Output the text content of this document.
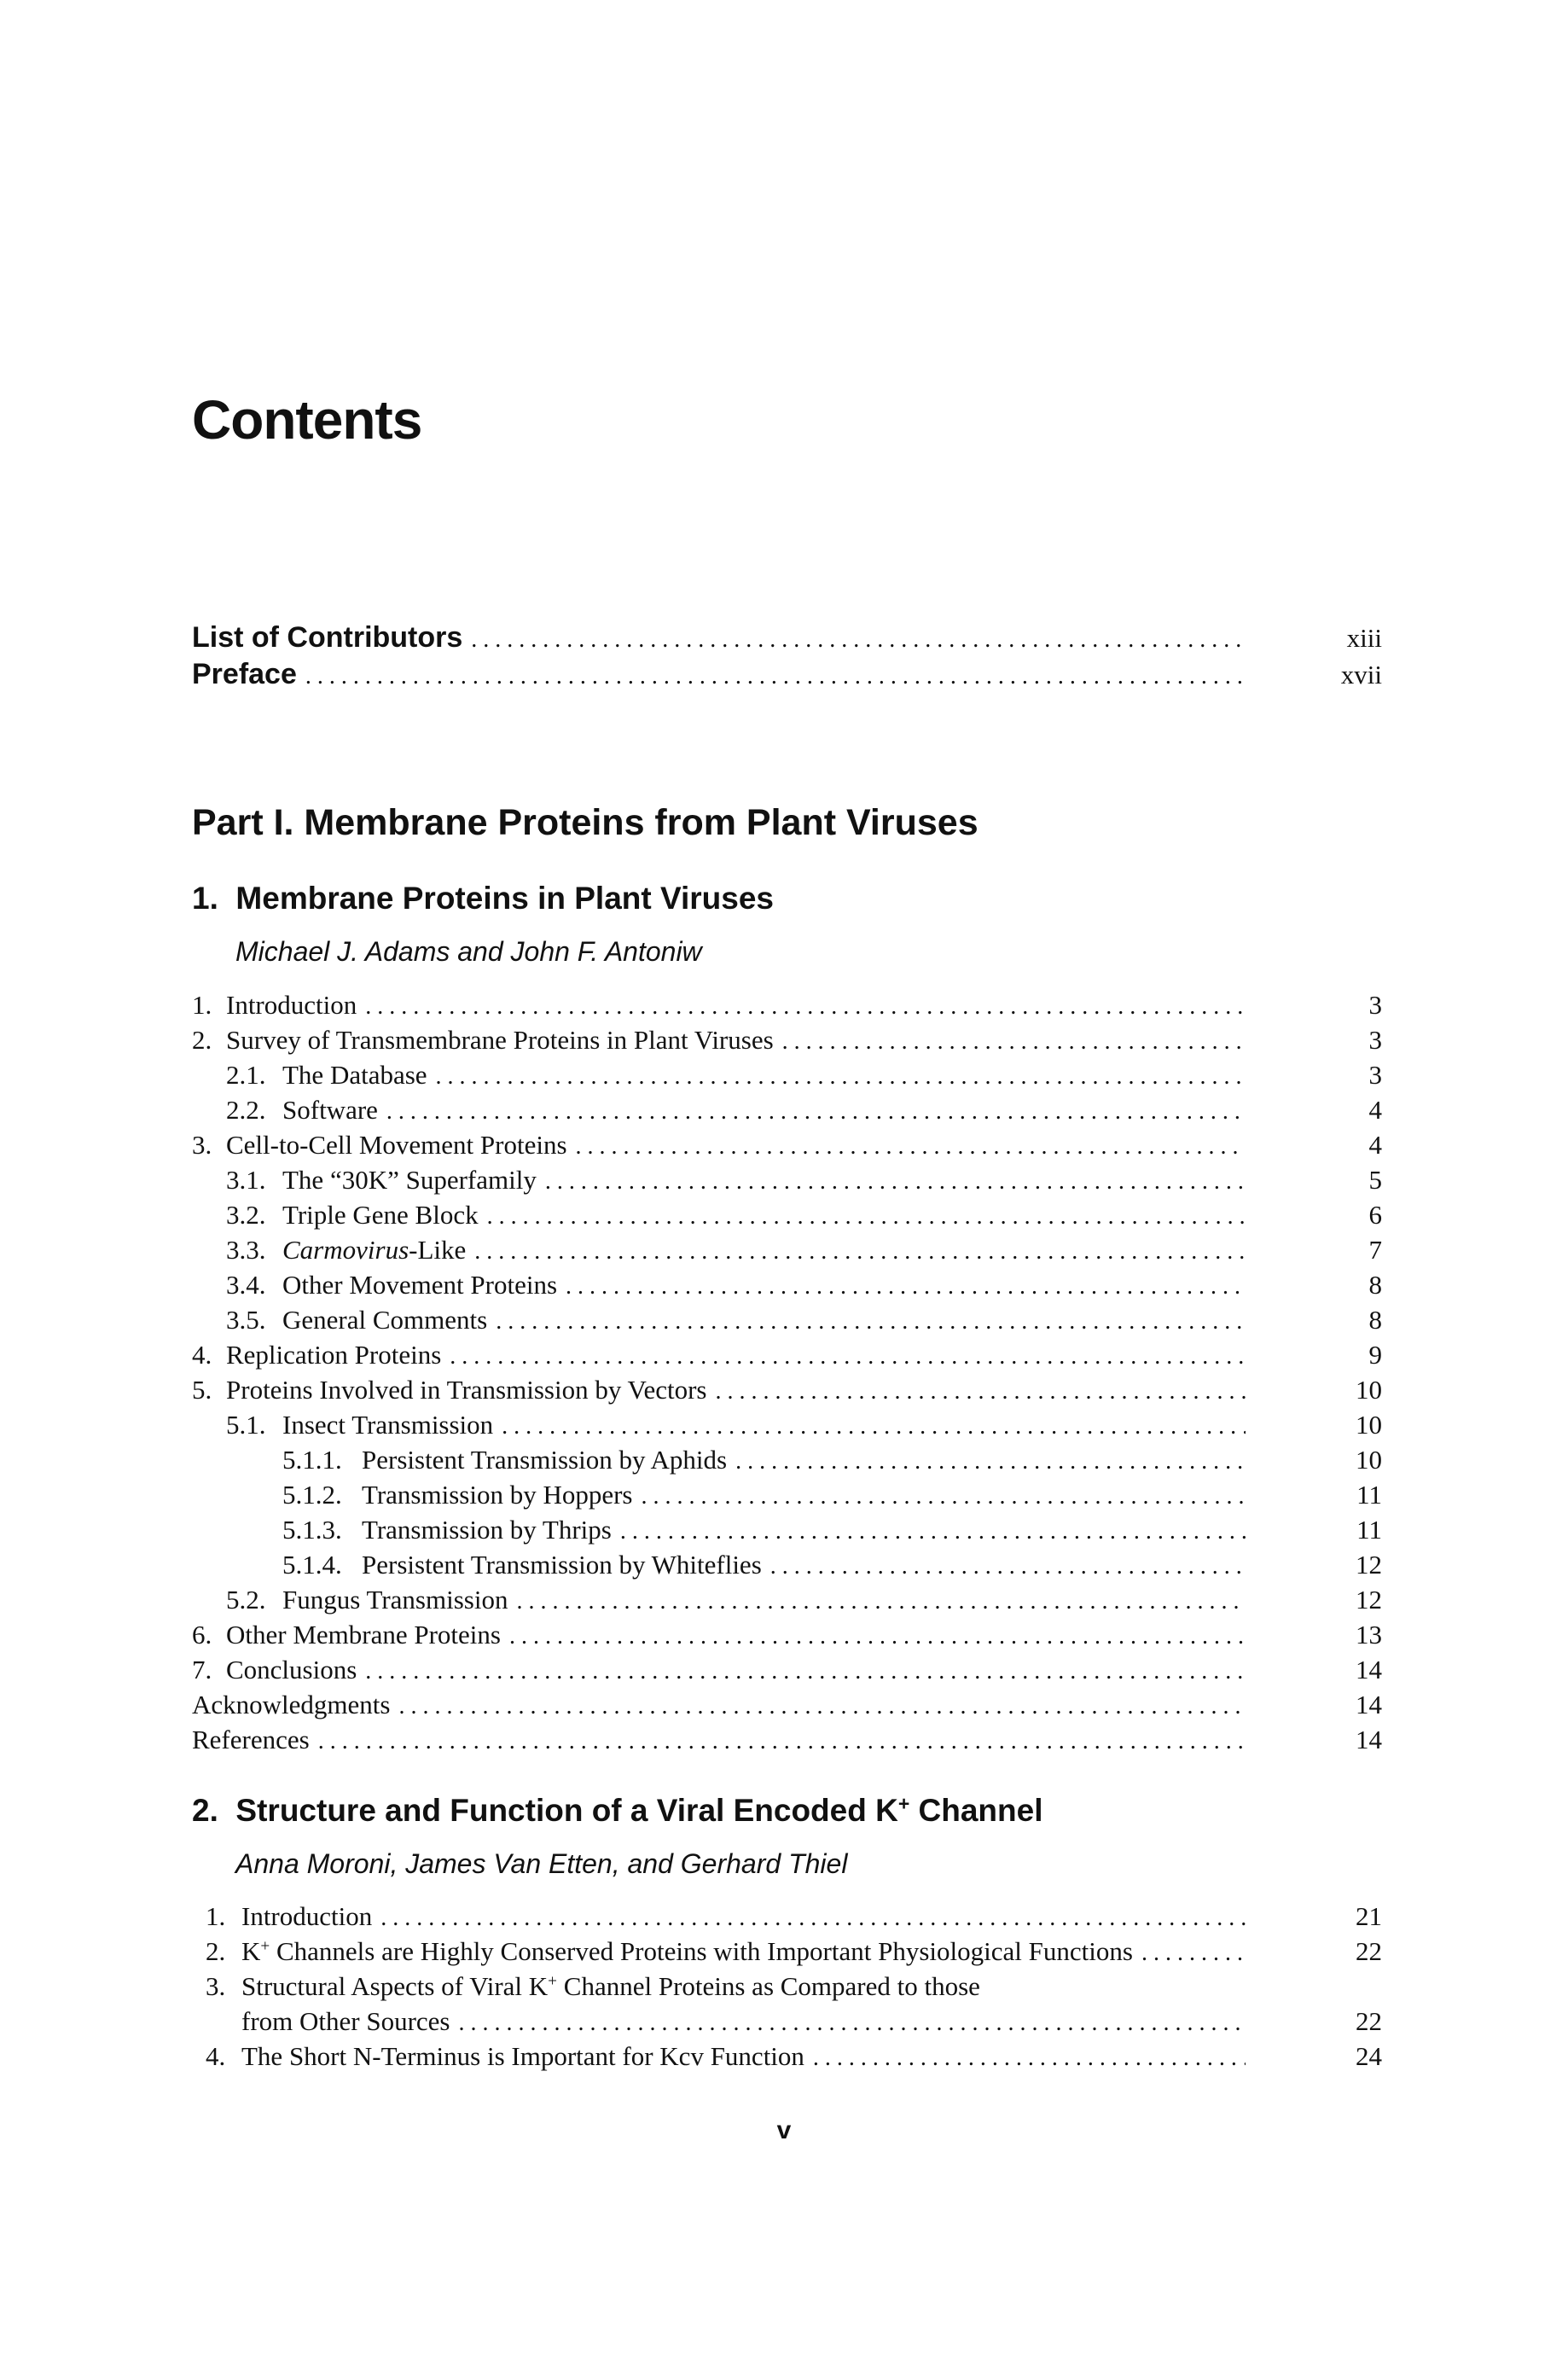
Contents
List of Contributors . . .	xiii
Preface . . .	xvii
Part I. Membrane Proteins from Plant Viruses
1. Membrane Proteins in Plant Viruses
Michael J. Adams and John F. Antoniw
1. Introduction . . .	3
2. Survey of Transmembrane Proteins in Plant Viruses . . .	3
2.1. The Database . . .	3
2.2. Software . . .	4
3. Cell-to-Cell Movement Proteins . . .	4
3.1. The “30K” Superfamily . . .	5
3.2. Triple Gene Block . . .	6
3.3. Carmovirus-Like . . .	7
3.4. Other Movement Proteins . . .	8
3.5. General Comments . . .	8
4. Replication Proteins . . .	9
5. Proteins Involved in Transmission by Vectors . . .	10
5.1. Insect Transmission . . .	10
5.1.1. Persistent Transmission by Aphids . . .	10
5.1.2. Transmission by Hoppers . . .	11
5.1.3. Transmission by Thrips . . .	11
5.1.4. Persistent Transmission by Whiteflies . . .	12
5.2. Fungus Transmission . . .	12
6. Other Membrane Proteins . . .	13
7. Conclusions . . .	14
Acknowledgments . . .	14
References . . .	14
2. Structure and Function of a Viral Encoded K+ Channel
Anna Moroni, James Van Etten, and Gerhard Thiel
1. Introduction . . .	21
2. K+ Channels are Highly Conserved Proteins with Important Physiological Functions . . .	22
3. Structural Aspects of Viral K+ Channel Proteins as Compared to those
from Other Sources . . .	22
4. The Short N-Terminus is Important for Kcv Function . . .	24
v
